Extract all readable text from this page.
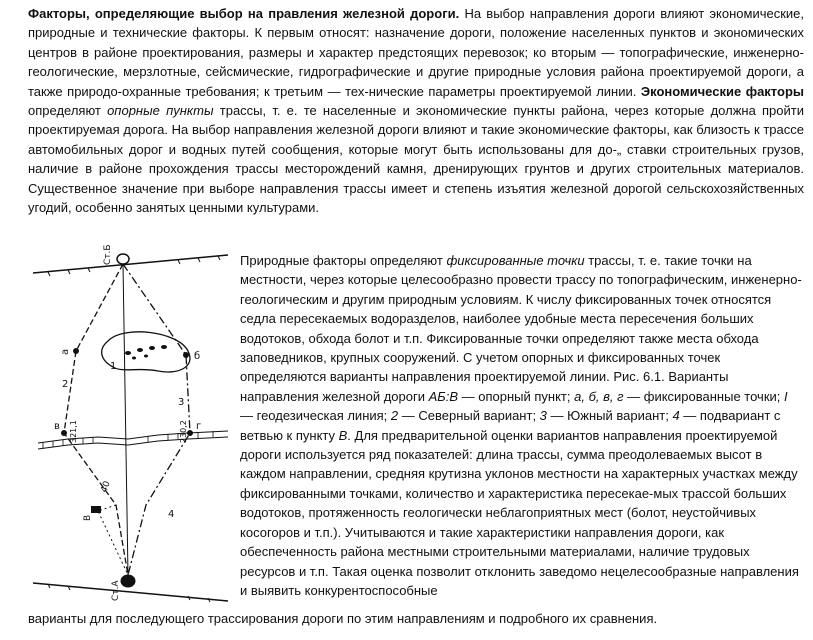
Факторы, определяющие выбор на правления железной дороги. На выбор направления дороги влияют экономические, природные и технические факторы. К первым относят: назначение дороги, положение населенных пунктов и экономических центров в районе проектирования, размеры и характер предстоящих перевозок; ко вторым — топографические, инженерно-геологические, мерзлотные, сейсмические, гидрографические и другие природные условия района проектируемой дороги, а также природо-охранные требования; к третьим — тех-нические параметры проектируемой линии. Экономические факторы определяют опорные пункты трассы, т. е. те населенные и экономические пункты района, через которые должна пройти проектируемая дорога. На выбор направления железной дороги влияют и такие экономические факторы, как близость к трассе автомобильных дорог и водных путей сообщения, которые могут быть использованы для до-„ ставки строительных грузов, наличие в районе прохождения трассы месторождений камня, дренирующих грунтов и других строительных материалов. Существенное значение при выборе направления трассы имеет и степень изъятия железной дорогой сельскохозяйственных угодий, особенно занятых ценными культурами.

Ст.Б
Ст.А
а	б
в	г
1
2
3
4
321,1	230,2
40
В

Природные факторы определяют фиксированные точки трассы, т. е. такие точки на местности, через которые целесообразно провести трассу по топографическим, инженерно-геологическим и другим природным условиям. К числу фиксированных точек относятся седла пересекаемых водоразделов, наиболее удобные места пересечения больших водотоков, обхода болот и т.п. Фиксированные точки определяют также места обхода заповедников, крупных сооружений. С учетом опорных и фиксированных точек определяются варианты направления проектируемой линии. Рис. 6.1. Варианты направления железной дороги АБ:В — опорный пункт; а, б, в, г — фиксированные точки; I — геодезическая линия; 2 — Северный вариант; 3 — Южный вариант; 4 — подвариант с ветвью к пункту В. Для предварительной оценки вариантов направления проектируемой дороги используется ряд показателей: длина трассы, сумма преодолеваемых высот в каждом направлении, средняя крутизна уклонов местности на характерных участках между фиксированными точками, количество и характеристика пересекае-мых трассой больших водотоков, протяженность геологически неблагоприятных мест (болот, неустойчивых косогоров и т.п.). Учитываются и такие характеристики направления дороги, как обеспеченность района местными строительными материалами, наличие трудовых ресурсов и т.п. Такая оценка позволит отклонить заведомо нецелесообразные направления и выявить конкурентоспособные

варианты для последующего трассирования дороги по этим направлениям и подробного их сравнения.
